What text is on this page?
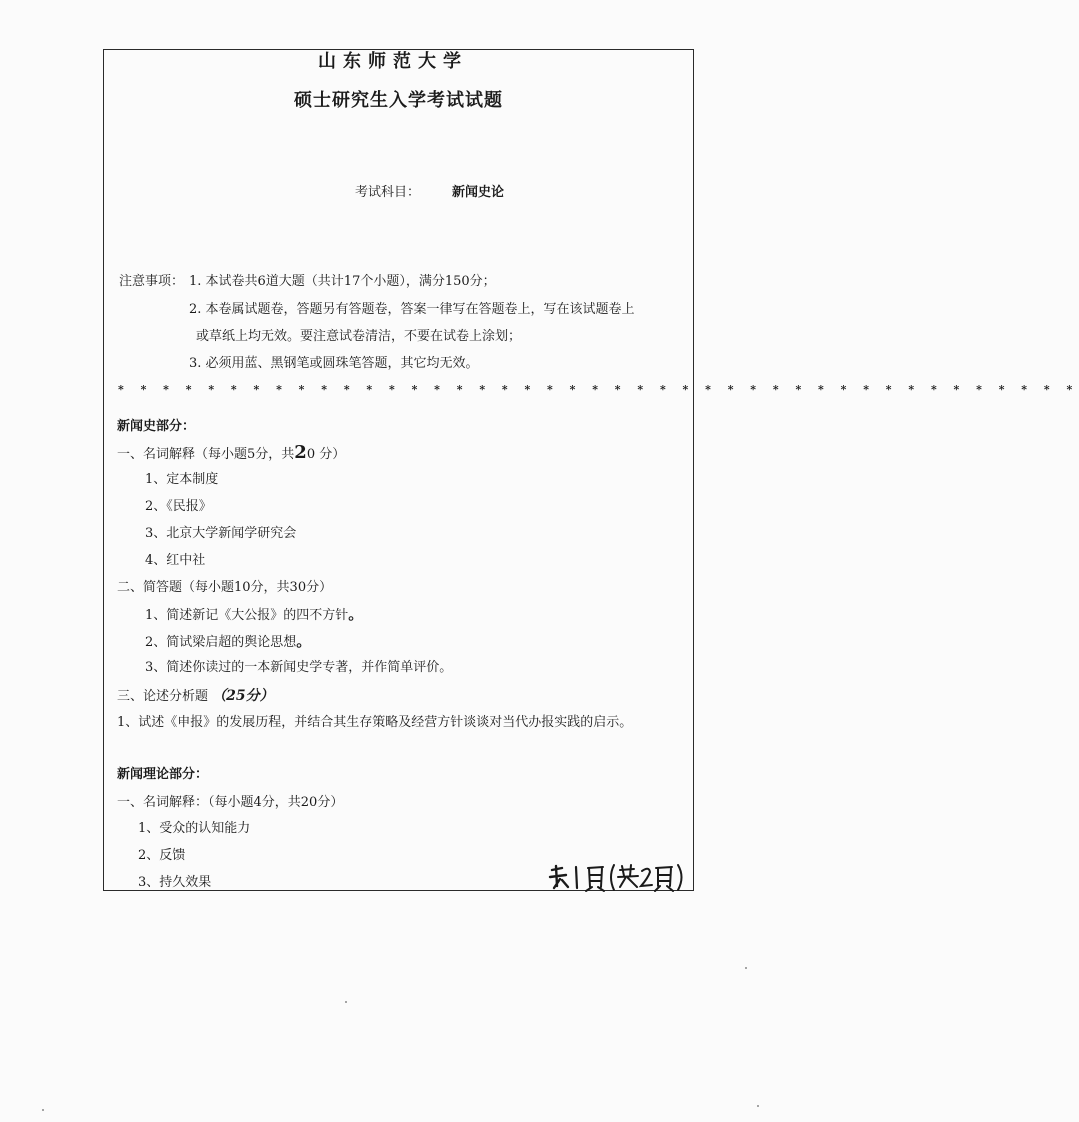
山东师范大学
硕士研究生入学考试试题
考试科目： 新闻史论
注意事项： 1. 本试卷共6道大题（共计17个小题），满分150分；
2. 本卷属试题卷，答题另有答题卷，答案一律写在答题卷上，写在该试题卷上
或草纸上均无效。要注意试卷清洁，不要在试卷上涂划；
3. 必须用蓝、黑钢笔或圆珠笔答题，其它均无效。
* * * * * * * * * * * * * * * * * * * * * * * * * * * * * * * * * * * * * * * * * * *
新闻史部分：
一、名词解释（每小题5分，共20 分）
1、定本制度
2、《民报》
3、北京大学新闻学研究会
4、红中社
二、简答题（每小题10分，共30分）
1、简述新记《大公报》的四不方针。
2、简试梁启超的舆论思想。
3、简述你读过的一本新闻史学专著，并作简单评价。
三、论述分析题 （25分）
1、试述《申报》的发展历程，并结合其生存策略及经营方针谈谈对当代办报实践的启示。
新闻理论部分：
一、名词解释：（每小题4分，共20分）
1、受众的认知能力
2、反馈
3、持久效果
